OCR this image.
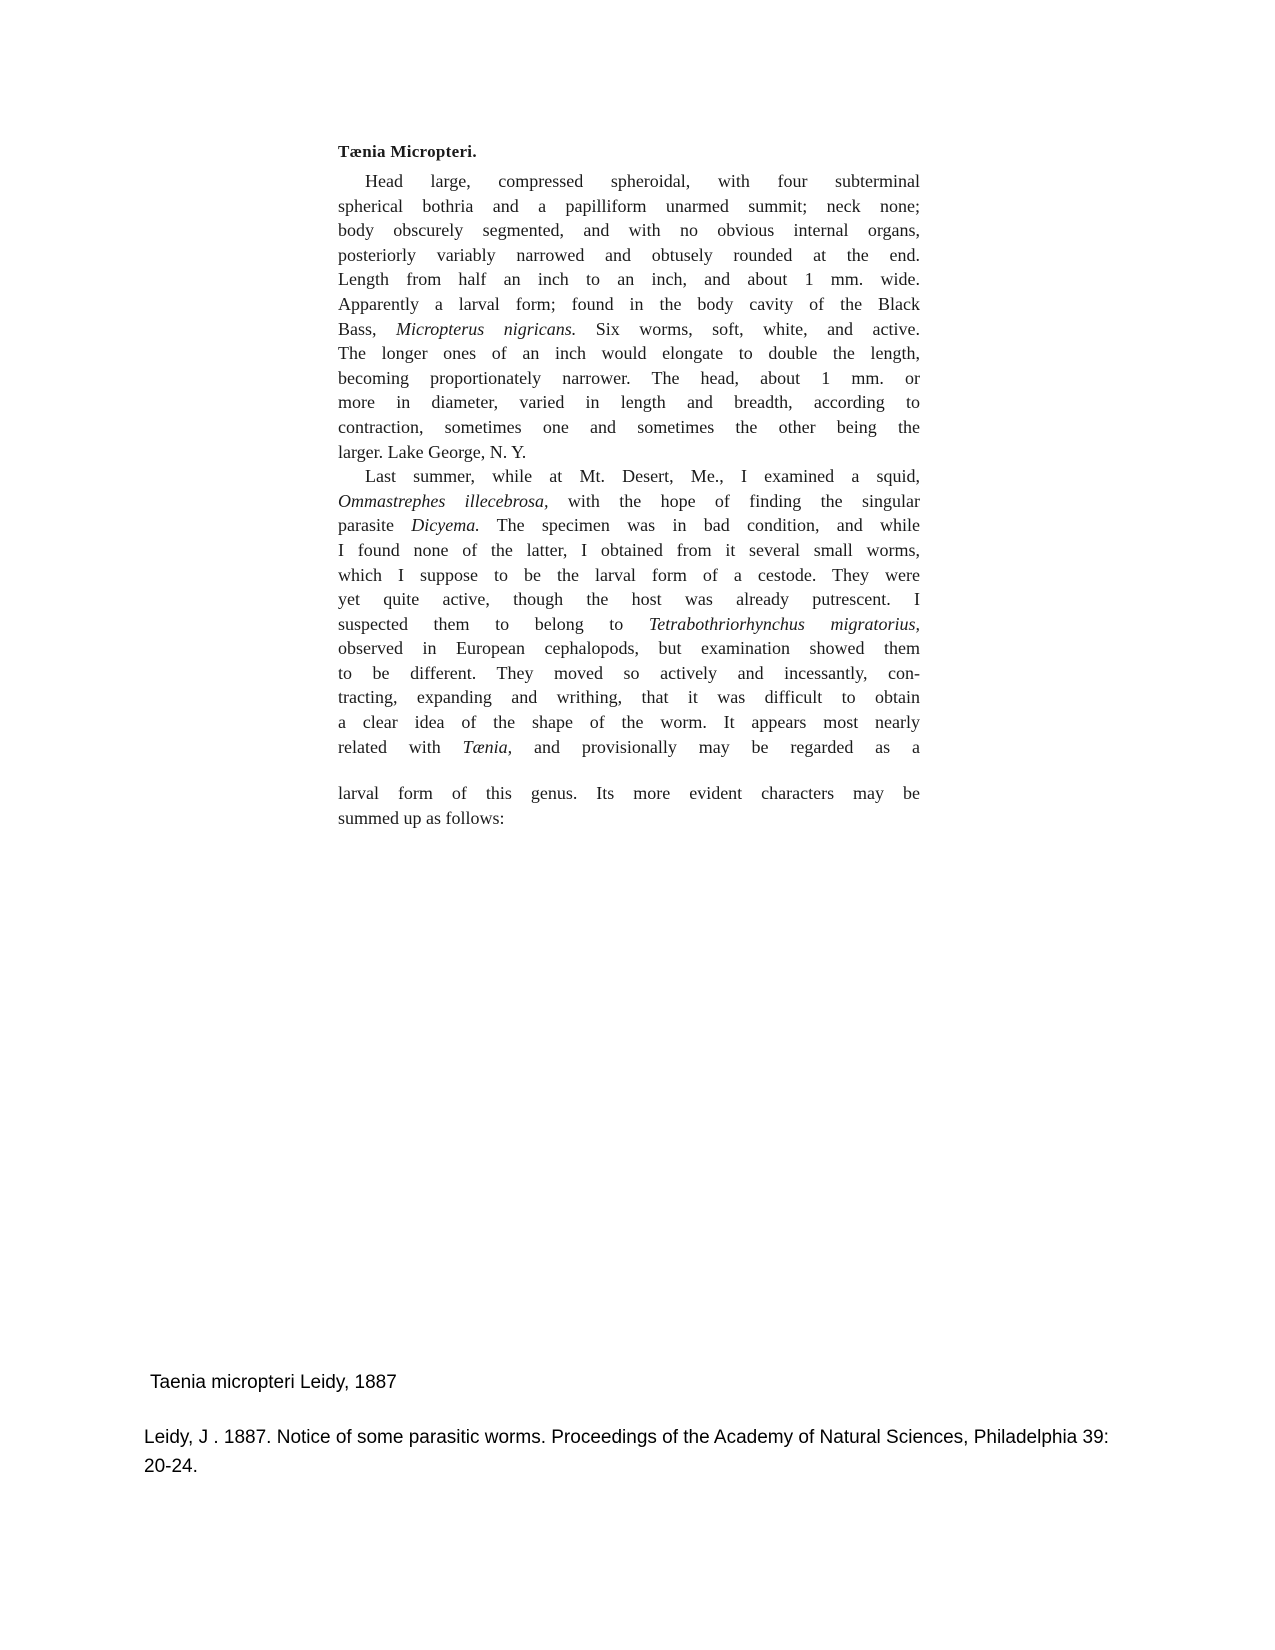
Tænia Micropteri.
Head large, compressed spheroidal, with four subterminal
spherical bothria and a papilliform unarmed summit; neck none;
body obscurely segmented, and with no obvious internal organs,
posteriorly variably narrowed and obtusely rounded at the end.
Length from half an inch to an inch, and about 1 mm. wide.
Apparently a larval form; found in the body cavity of the Black
Bass, Micropterus nigricans. Six worms, soft, white, and active.
The longer ones of an inch would elongate to double the length,
becoming proportionately narrower. The head, about 1 mm. or
more in diameter, varied in length and breadth, according to
contraction, sometimes one and sometimes the other being the
larger. Lake George, N. Y.
Last summer, while at Mt. Desert, Me., I examined a squid,
Ommastrephes illecebrosa, with the hope of finding the singular
parasite Dicyema. The specimen was in bad condition, and while
I found none of the latter, I obtained from it several small worms,
which I suppose to be the larval form of a cestode. They were
yet quite active, though the host was already putrescent. I
suspected them to belong to Tetrabothriorhynchus migratorius,
observed in European cephalopods, but examination showed them
to be different. They moved so actively and incessantly, con-
tracting, expanding and writhing, that it was difficult to obtain
a clear idea of the shape of the worm. It appears most nearly
related with Tænia, and provisionally may be regarded as a
larval form of this genus. Its more evident characters may be
summed up as follows:
Taenia micropteri Leidy, 1887
Leidy, J . 1887. Notice of some parasitic worms. Proceedings of the Academy of Natural Sciences, Philadelphia 39:
20-24.
